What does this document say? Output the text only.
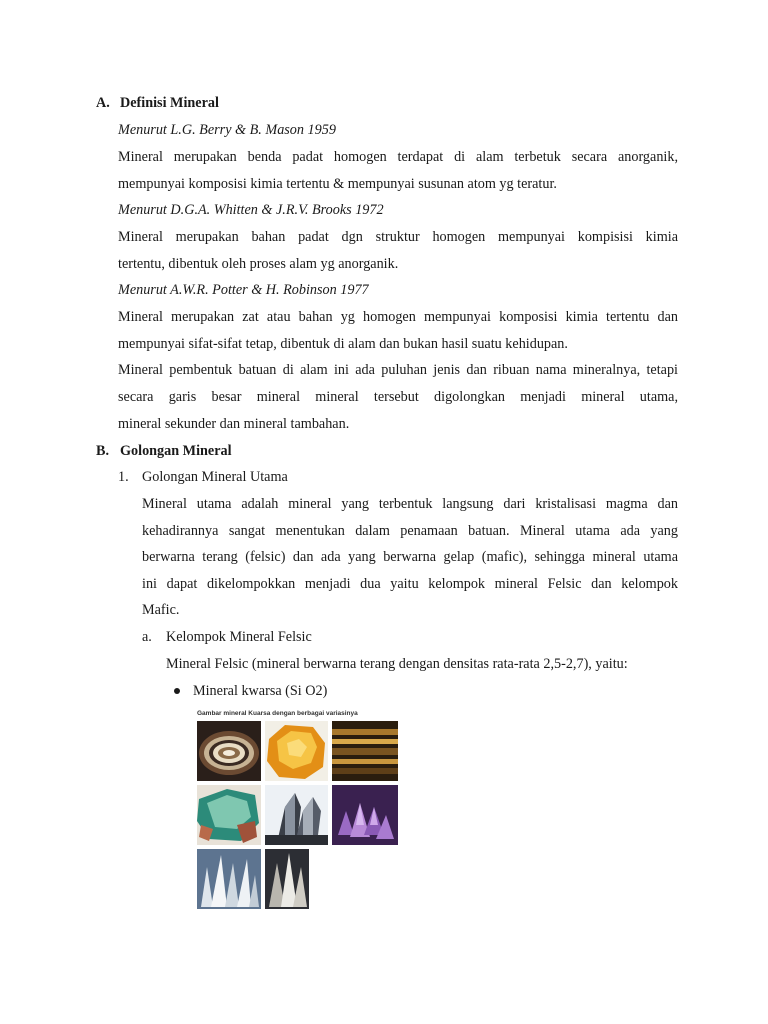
A. Definisi Mineral
Menurut L.G. Berry & B. Mason 1959
Mineral merupakan benda padat homogen terdapat di alam terbetuk secara anorganik,
mempunyai komposisi kimia tertentu & mempunyai susunan atom yg teratur.
Menurut D.G.A. Whitten & J.R.V. Brooks 1972
Mineral merupakan bahan padat dgn struktur homogen mempunyai kompisisi kimia
tertentu, dibentuk oleh proses alam yg anorganik.
Menurut A.W.R. Potter & H. Robinson 1977
Mineral merupakan zat atau bahan yg homogen mempunyai komposisi kimia tertentu dan
mempunyai sifat-sifat tetap, dibentuk di alam dan bukan hasil suatu kehidupan.
Mineral pembentuk batuan di alam ini ada puluhan jenis dan ribuan nama mineralnya, tetapi
secara garis besar mineral mineral tersebut digolongkan menjadi mineral utama,
mineral sekunder dan mineral tambahan.
B. Golongan Mineral
1. Golongan Mineral Utama
Mineral utama adalah mineral yang terbentuk langsung dari kristalisasi magma dan
kehadirannya sangat menentukan dalam penamaan batuan. Mineral utama ada yang
berwarna terang (felsic) dan ada yang berwarna gelap (mafic), sehingga mineral utama
ini dapat dikelompokkan menjadi dua yaitu kelompok mineral Felsic dan kelompok
Mafic.
a. Kelompok Mineral Felsic
Mineral Felsic (mineral berwarna terang dengan densitas rata-rata 2,5-2,7), yaitu:
Mineral kwarsa (Si O2)
Gambar mineral Kuarsa dengan berbagai variasinya
